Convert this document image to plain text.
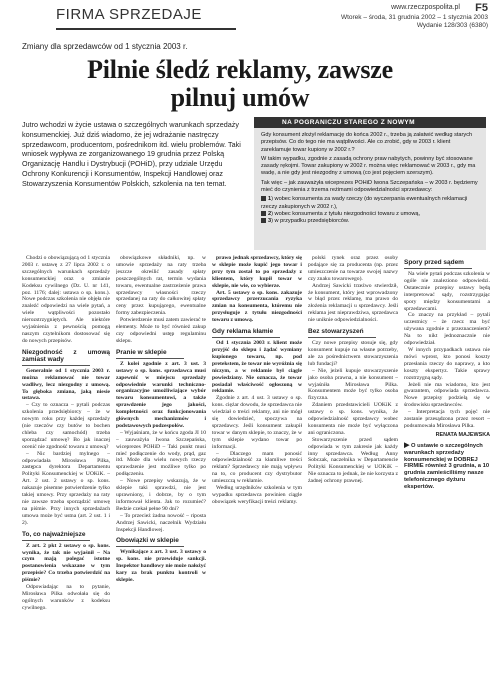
FIRMA SPRZEDAJE	www.rzeczpospolita.pl F5
Wtorek – środa, 31 grudnia 2002 – 1 stycznia 2003
Wydanie 128/303 (6380)
Zmiany dla sprzedawców od 1 stycznia 2003 r.
Pilnie śledź reklamy, zawsze pilnuj umów
Jutro wchodzi w życie ustawa o szczególnych warunkach sprzedaży konsumenckiej. Już dziś wiadomo, że jej wdrażanie nastręczy sprzedawcom, producentom, pośrednikom itd. wielu problemów. Taki wniosek wypływa ze zorganizowanego 19 grudnia przez Polską Organizację Handlu i Dystrybucji (POHiD), przy udziale Urzędu Ochrony Konkurencji i Konsumentów, Inspekcji Handlowej oraz Stowarzyszenia Konsumentów Polskich, szkolenia na ten temat.
NA POGRANICZU STAREGO Z NOWYM
Gdy konsument złożył reklamację do końca 2002 r., trzeba ją załatwić według starych przepisów. Co do tego nie ma wątpliwości. Ale co zrobić, gdy w 2003 r. klient zareklamuje towar kupiony w 2002 r.?
W takim wypadku, zgodnie z zasadą ochrony praw nabytych, powinny być stosowane zasady rękojmi. Towar zakupiony w 2002 r. można więc reklamować w 2003 r., gdy ma wadę, a nie gdy jest niezgodny z umową (co jest pojęciem szerszym).
Tak więc – jak zauważyła wiceprezes POHiD Iwona Szczepańska – w 2003 r. będziemy mieć do czynienia z trzema reżimami odpowiedzialności sprzedawcy:
1) wobec konsumenta za wady rzeczy (do wyczerpania ewentualnych reklamacji rzeczy zakupionych w 2002 r.),
2) wobec konsumenta z tytułu niezgodności towaru z umową,
3) w przypadku przedsiębiorców.

Chodzi o obowiązującą od 1 stycznia 2003 r. ustawę z 27 lipca 2002 r. o szczególnych warunkach sprzedaży konsumenckiej oraz o zmianie Kodeksu cywilnego (Dz. U. nr 141, poz. 1176; dalej: ustawa o sp. kons.). Nowe podczas szkolenia nie objęła nie znaleźć odpowiedzi na wiele pytań, a wiele wątpliwości pozostało nierozstrzygniętych. Ale niektóre wyjaśnienia z pewnością pomogą naszym czytelnikom dostosować się do nowych przepisów.

Niezgodność z umową zamiast wady

Generalnie od 1 stycznia 2003 r. można reklamować nie towar wadliwy, lecz niezgodny z umową. To głęboka zmiana, jaką niesie ustawa.

– Czy to oznacza – pytali podczas szkolenia przedsiębiorcy – że w nowym roku przy każdej sprzedaży (nie rzeczów czy butów to bochen chleba czy samochód) trzeba sporządzać umowę? Bo jak inaczej ocenić nie zgodność towaru z umową?

– Nic bardziej mylnego – odpowiadała Mirosława Pilka, zastępca dyrektora Departamentu Polityki Konsumenckiej w UOKiK. – Art. 2 ust. 2 ustawy o sp. kons. nakazuje pisemne potwierdzenie tylko takiej umowy. Przy sprzedaży na raty nie zawsze trzeba sporządzić umowę na piśmie. Przy innych sprzedażach umowa może być ustna (art. 2 ust. 1 i 2).

To, co najważniejsze

Z art. 2 pkt 2 ustawy o sp. kons. wynika, że tak nie wyjaśnił – Na czym mają polegać istotne postanowienia wskazane w tym przepisie? Co trzeba potwierdzić na piśmie?

Odpowiadając na to pytanie, Mirosława Pilka odwołała się do ogólnych warunków z kodeksu cywilnego.

obowiązkowe składniki, np. w umowie sprzedaży na raty trzeba jeszcze określić zasady spłaty poszczególnych rat, termin wydania towaru, ewentualne zastrzeżenie prawa sprzedawcy własności rzeczy sprzedanej na raty do całkowitej spłaty ceny przez kupującego, ewentualne formy zabezpieczenia.

Potwierdzenie musi zatem zawierać te elementy. Może to być również zakup czy odpowiedni ustęp regulaminu sklepu.

Pranie w sklepie

Z kolei zgodnie z art. 3 ust. 3 ustawy o sp. kons. sprzedawca musi zapewnić w miejscu sprzedaży odpowiednie warunki techniczno-organizacyjne umożliwiające wybór towaru konsumentowi, a także sprawdzenie jego jakości, kompletności oraz funkcjonowania głównych mechanizmów i podstawowych podzespołów.

– Wyjaśniam, że w końcu zgoda JI 10 – zauważyła Iwona Szczepańska, wiceprezes POHiD – Taki punkt musi mieć podłączenie do wody, prąd, gaz itd. Może dla wielu nowych rzeczy sprawdzenie jest możliwe tylko po podłączeniu.

– Nowe przepisy wskazują, że w sklepie taki sprawdzi, nie jest uprawniony, i dobrze, by o tym informował klienta. Jak to rozumieć? Bedzie czekał pełne 90 dni?

– To przecież żadna nowość – riposta Andrzej Sawicki, naczelnik Wydziału Inspekcji Handlowej.

Obowiązki w sklepie

Wynikające z art. 3 ust. 3 ustawy o sp. kons. nie przewiduje sankcji. Inspektor handlowy nie może nałożyć kary za brak punktu kontroli w sklepie.

prawo jednak sprzedawcy, który się w sklepie może kupić jego towar i przy tym został to po sprzedaży z klientem, który kupił towar w sklepie, nie wie, co wybierze.

Art. 5 ustawy o sp. kons. zakazuje sprzedawcy przerzucania ryzyka zmian na konsumenta, któremu nie przysługuje z tytułu niezgodności towaru z umową.

Gdy reklama kłamie

Od 1 stycznia 2003 r. klient może przyjść do sklepu i żądać wymiany kupionego towaru, np. pod pretekstem, że towar nie wyróżnia się niczym, a w reklamie był ciągle powiedziany. Nie oznacza, że towar posiadał właściwość ogłoszoną w reklamie.

Zgodnie z art. 4 ust. 3 ustawy o sp. kons. ciężar dowodu, że sprzedawca nie wiedział o treści reklamy, ani nie mógł się dowiedzieć, spoczywa na sprzedawcy. Jeśli konsument zakupił towar w danym sklepie, to znaczy, że w tym sklepie wydano towar po informacji.

– Dlaczego mam ponosić odpowiedzialność za kłamliwe treści reklam? Sprzedawcy nie mają wpływu na to, co producent czy dystrybutor umieszczą w reklamie.

Według urzędników szkolenia w tym wypadku sprzedawca powinien ciągle obowiązek weryfikacji treści reklamy.

polski rynek oraz przez osoby podające się za producenta (np. przez umieszczenie na towarze swojej nazwy czy znaku towarowego).

Andrzej Sawicki trzeźwo stwierdził, że konsument, który jest wprowadzony w błąd przez reklamę, ma prawo do złożenia reklamacji u sprzedawcy. Jeśli reklama jest nieprawdziwa, sprzedawca nie uniknie odpowiedzialności.

Bez stowarzyszeń

Czy nowe przepisy stosuje się, gdy konsument kupuje na własne potrzeby, ale za pośrednictwem stowarzyszenia lub fundacji?

– Nie, jeżeli kupuje stowarzyszenie jako osoba prawna, a nie konsument – wyjaśniła Mirosława Pilka. Konsumentem może być tylko osoba fizyczna.

Zdaniem przedstawicieli UOKiK z ustawy o sp. kons. wynika, że odpowiedzialność sprzedawcy wobec konsumenta nie może być wyłączona ani ograniczona.

Stowarzyszenie przed sądem odpowiada w tym zakresie jak każdy inny sprzedawca. Według Anny Sobczak, naczelnika w Departamencie Polityki Konsumenckiej w UOKiK – Nie oznacza to jednak, że nie korzysta z żadnej ochrony prawnej.

Spory przed sądem

Na wiele pytań podczas szkolenia w ogóle nie znaleziono odpowiedzi. Ostatecznie przepisy ustawy będą interpretować sądy, rozstrzygając spory między konsumentami a sprzedawcami.

Co znaczy na przykład – pytali uczestnicy – że rzecz ma być używana zgodnie z przeznaczeniem? Na to nikt jednoznacznie nie odpowiedział.

W innych przypadkach ustawa nie mówi wprost, kto ponosi koszty przesłania rzeczy do naprawy, a kto koszty ekspertyz. Takie sprawy rozstrzygną sądy.

Jeżeli nie ma wiadomo, kto jest gwarantem, odpowiada sprzedawca. Nowe przepisy podzielą się w środowisku sprzedawców.

– Interpretacja tych pojęć nie zostanie przesądzona przez resort – podsumowała Mirosława Pilka.

RENATA MAJEWSKA
▶ O ustawie o szczególnych warunkach sprzedaży konsumenckiej w DOBREJ FIRMIE również 3 grudnia, a 10 grudnia zamieściliśmy nasze telefonicznego dyżuru ekspertów.
